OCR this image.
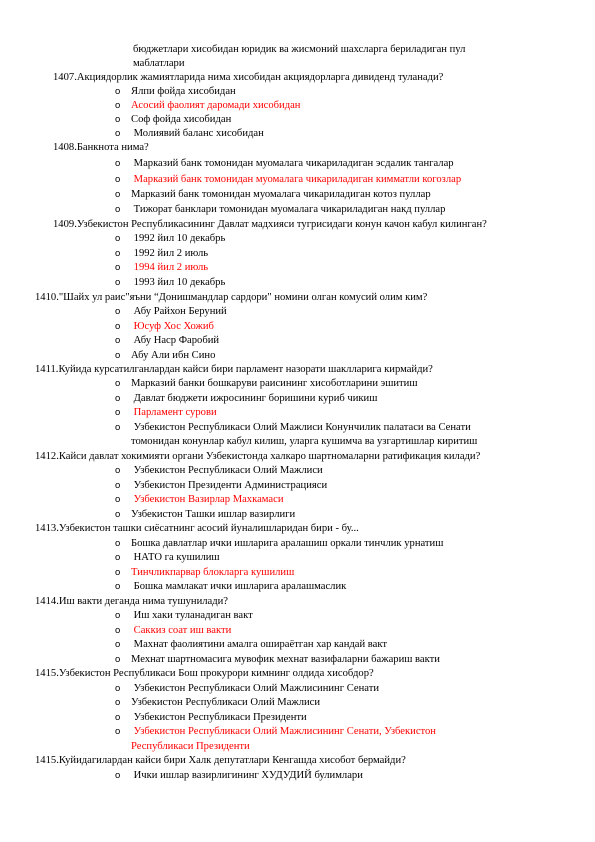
бюджетлари хисобидан юридик ва жисмоний шахсларга бериладиган пул
маблатлари
1407.Акциядорлик жамиятларида нима хисобидан акциядорларга дивиденд туланади?
o Ялпи фойда хисобидан
o Асосий фаолият даромади хисобидан
o Соф фойда хисобидан
o Молиявий баланс хисобидан
1408.Банкнота нима?
o Марказий банк томонидан муомалага чикариладиган эсдалик тангалар
o Марказий банк томонидан муомалага чикариладиган кимматли когозлар
o Марказий банк томонидан муомалага чикариладиган котоз пуллар
o Тижорат банклари томонидан муомалага чикариладиган накд пуллар
1409.Узбекистон Республикасининг Давлат мадхияси тугрисидаги конун качон кабул килинган?
o 1992 йил 10 декабрь
o 1992 йил 2 июль
o 1994 йил 2 июль
o 1993 йил 10 декабрь
1410."Шайх ул раис"яъни “Донишмандлар сардори" номини олган комусий олим ким?
o Абу Райхон Беруний
o Юсуф Хос Хожиб
o Абу Наср Фаробий
o Абу Али ибн Сино
1411.Куйида курсатилганлардан кайси бири парламент назорати шаклларига кирмайди?
o Марказий банки бошкаруви раисининг хисоботларини эшитиш
o Давлат бюджети ижросининг боришини куриб чикиш
o Парламент сурови
o Узбекистон Республикаси Олий Мажлиси Конунчилик палатаси ва Сенати
томонидан конунлар кабул килиш, уларга кушимча ва узгартишлар киритиш
1412.Кайси давлат хокимияти органи Узбекистонда халкаро шартномаларни ратификация килади?
o Узбекистон Республикаси Олий Мажлиси
o Узбекистон Президенти Администрацияси
o Узбекистон Вазирлар Махкамаси
o Узбекистон Ташки ишлар вазирлиги
1413.Узбекистон ташки сиёсатнинг асосий йуналишларидан бири - бу...
o Бошка давлатлар ички ишларига аралашиш оркали тинчлик урнатиш
o НАТО га кушилиш
o Тинчликпарвар блокларга кушилиш
o Бошка мамлакат ички ишларига аралашмаслик
1414.Иш вакти деганда нима тушунилади?
o Иш хаки туланадиган вакт
o Саккиз соат иш вакти
o Махнат фаолиятини амалга оширaётган хар кандай вакт
o Мехнат шартномасига мувофик мехнат вазифаларни бажариш вакти
1415.Узбекистон Республикаси Бош прокурори кимнинг олдида хисобдор?
o Узбекистон Республикаси Олий Мажлисининг Сенати
o Узбекистон Республикаси Олий Мажлиси
o Узбекистон Республикаси Президенти
o Узбекистон Республикаси Олий Мажлисининг Сенати, Узбекистон
Республикаси Президенти
1415.Куйидагилардан кайси бири Халк депутатлари Кенгашда хисобот бермайди?
o Ички ишлар вазирлигининг ХУДУДИЙ булимлари
